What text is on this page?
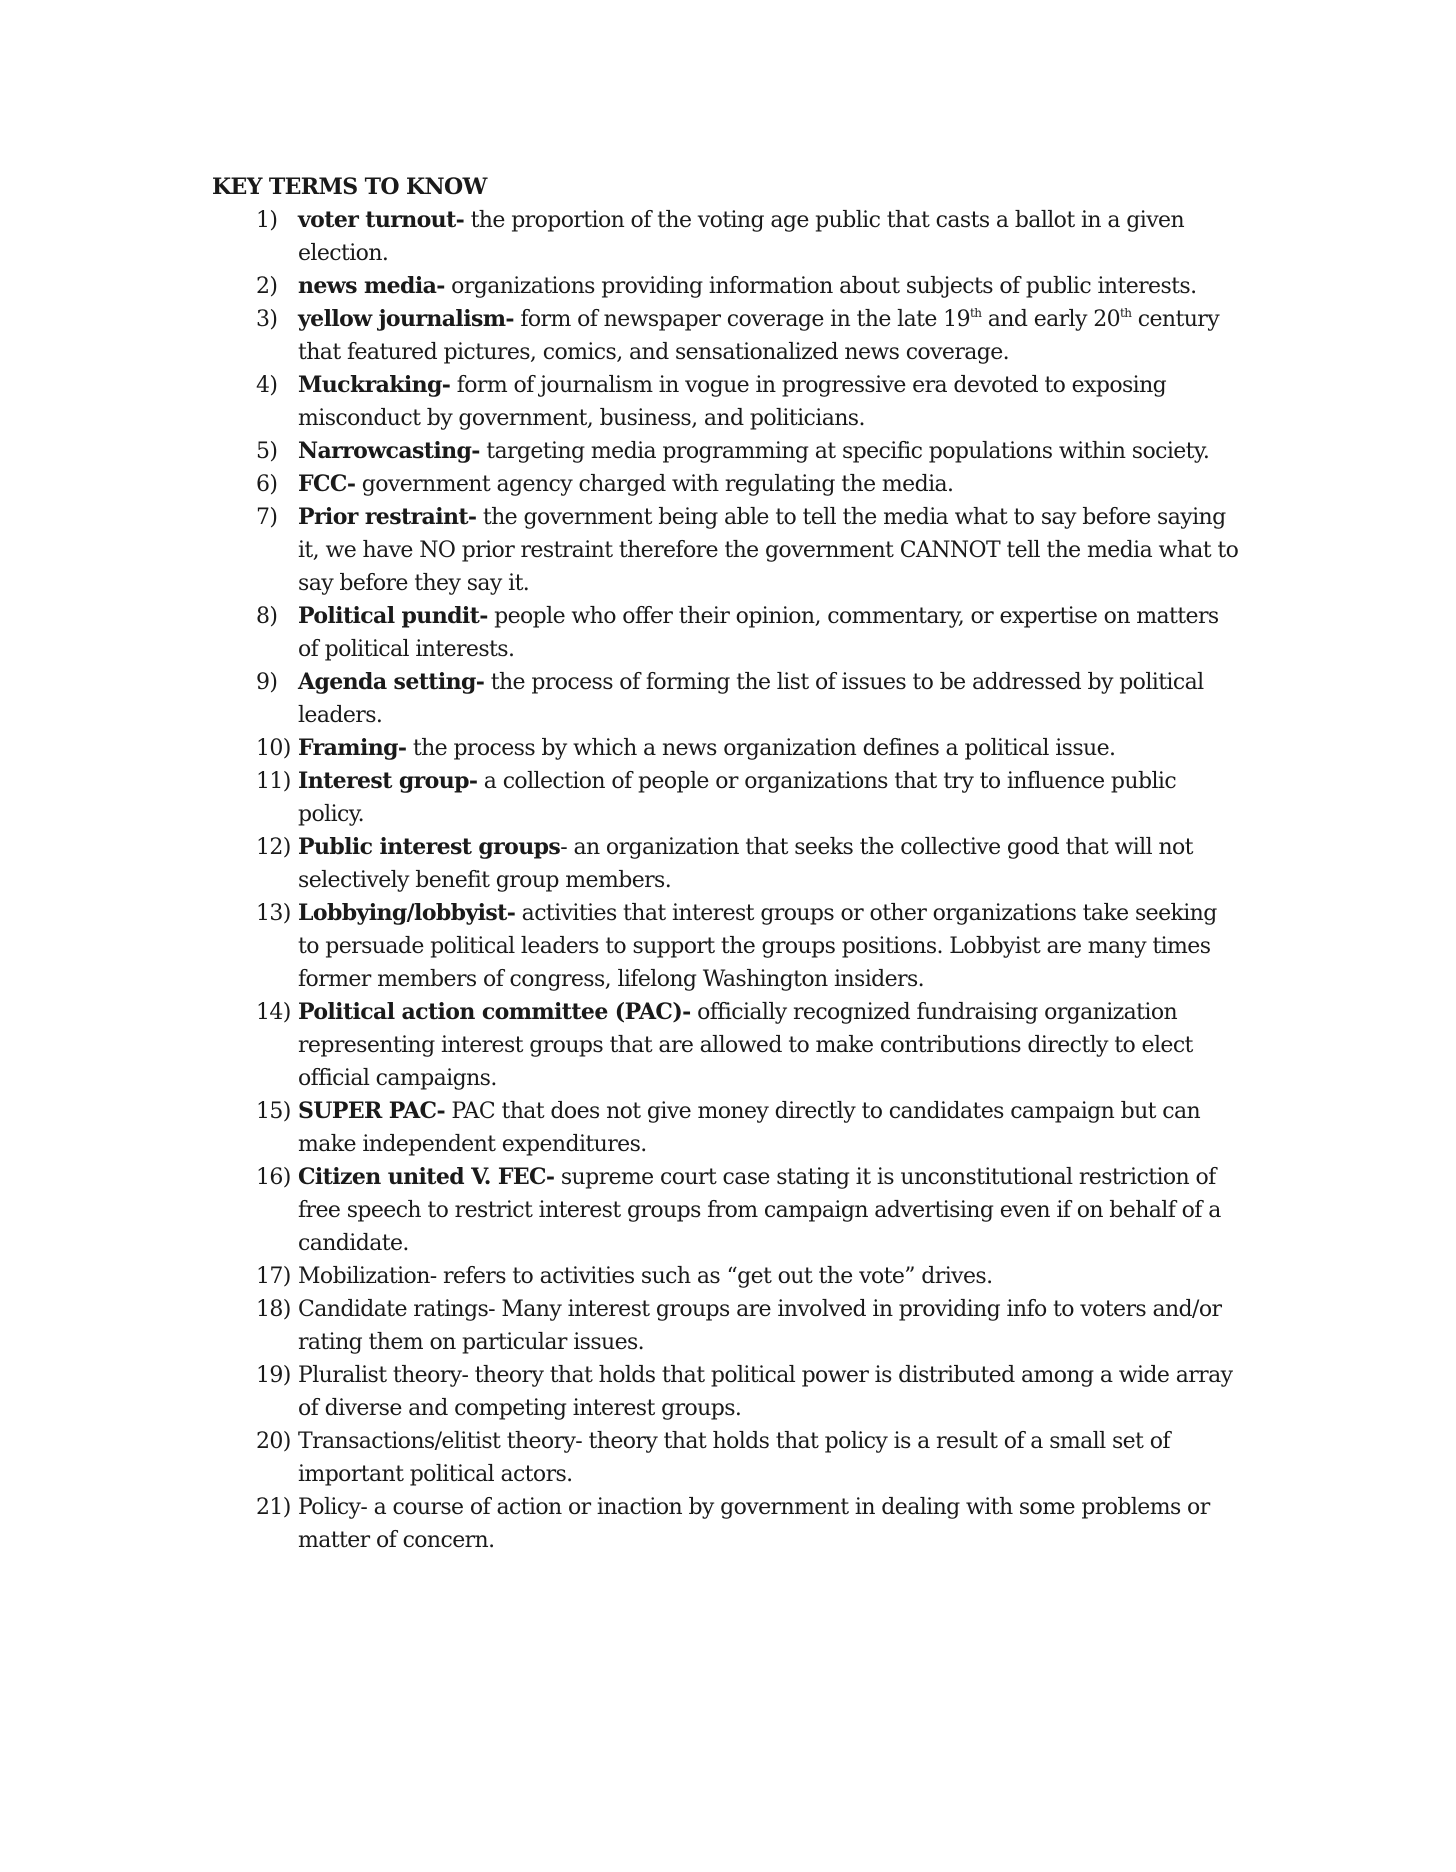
KEY TERMS TO KNOW
1) voter turnout- the proportion of the voting age public that casts a ballot in a given election.
2) news media- organizations providing information about subjects of public interests.
3) yellow journalism- form of newspaper coverage in the late 19th and early 20th century that featured pictures, comics, and sensationalized news coverage.
4) Muckraking- form of journalism in vogue in progressive era devoted to exposing misconduct by government, business, and politicians.
5) Narrowcasting- targeting media programming at specific populations within society.
6) FCC- government agency charged with regulating the media.
7) Prior restraint- the government being able to tell the media what to say before saying it, we have NO prior restraint therefore the government CANNOT tell the media what to say before they say it.
8) Political pundit- people who offer their opinion, commentary, or expertise on matters of political interests.
9) Agenda setting- the process of forming the list of issues to be addressed by political leaders.
10) Framing- the process by which a news organization defines a political issue.
11) Interest group- a collection of people or organizations that try to influence public policy.
12) Public interest groups- an organization that seeks the collective good that will not selectively benefit group members.
13) Lobbying/lobbyist- activities that interest groups or other organizations take seeking to persuade political leaders to support the groups positions. Lobbyist are many times former members of congress, lifelong Washington insiders.
14) Political action committee (PAC)- officially recognized fundraising organization representing interest groups that are allowed to make contributions directly to elect official campaigns.
15) SUPER PAC- PAC that does not give money directly to candidates campaign but can make independent expenditures.
16) Citizen united V. FEC- supreme court case stating it is unconstitutional restriction of free speech to restrict interest groups from campaign advertising even if on behalf of a candidate.
17) Mobilization- refers to activities such as “get out the vote” drives.
18) Candidate ratings- Many interest groups are involved in providing info to voters and/or rating them on particular issues.
19) Pluralist theory- theory that holds that political power is distributed among a wide array of diverse and competing interest groups.
20) Transactions/elitist theory- theory that holds that policy is a result of a small set of important political actors.
21) Policy- a course of action or inaction by government in dealing with some problems or matter of concern.
